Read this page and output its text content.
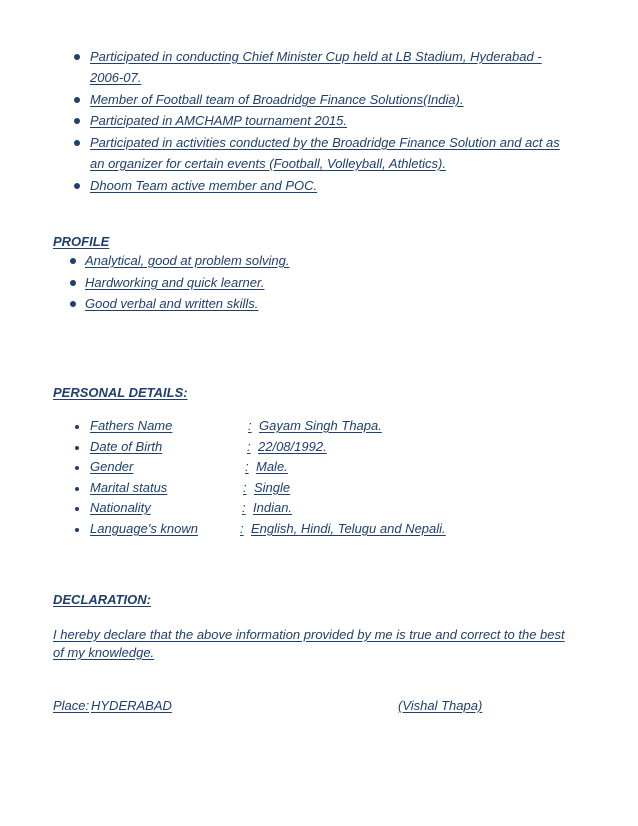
Participated in conducting Chief Minister Cup held at LB Stadium, Hyderabad -
2006-07.
Member of Football team of Broadridge Finance Solutions(India).
Participated in AMCHAMP tournament 2015.
Participated in activities conducted by the Broadridge Finance Solution and act as
an organizer for certain events (Football, Volleyball, Athletics).
Dhoom Team active member and POC.
PROFILE
Analytical, good at problem solving.
Hardworking and quick learner.
Good verbal and written skills.
PERSONAL DETAILS:
Fathers Name	: Gayam Singh Thapa.
Date of Birth	: 22/08/1992.
Gender	: Male.
Marital status	: Single
Nationality	: Indian.
Language's known	: English, Hindi, Telugu and Nepali.
DECLARATION:
I hereby declare that the above information provided by me is true and correct to the best
of my knowledge.
Place: HYDERABAD	(Vishal Thapa)
